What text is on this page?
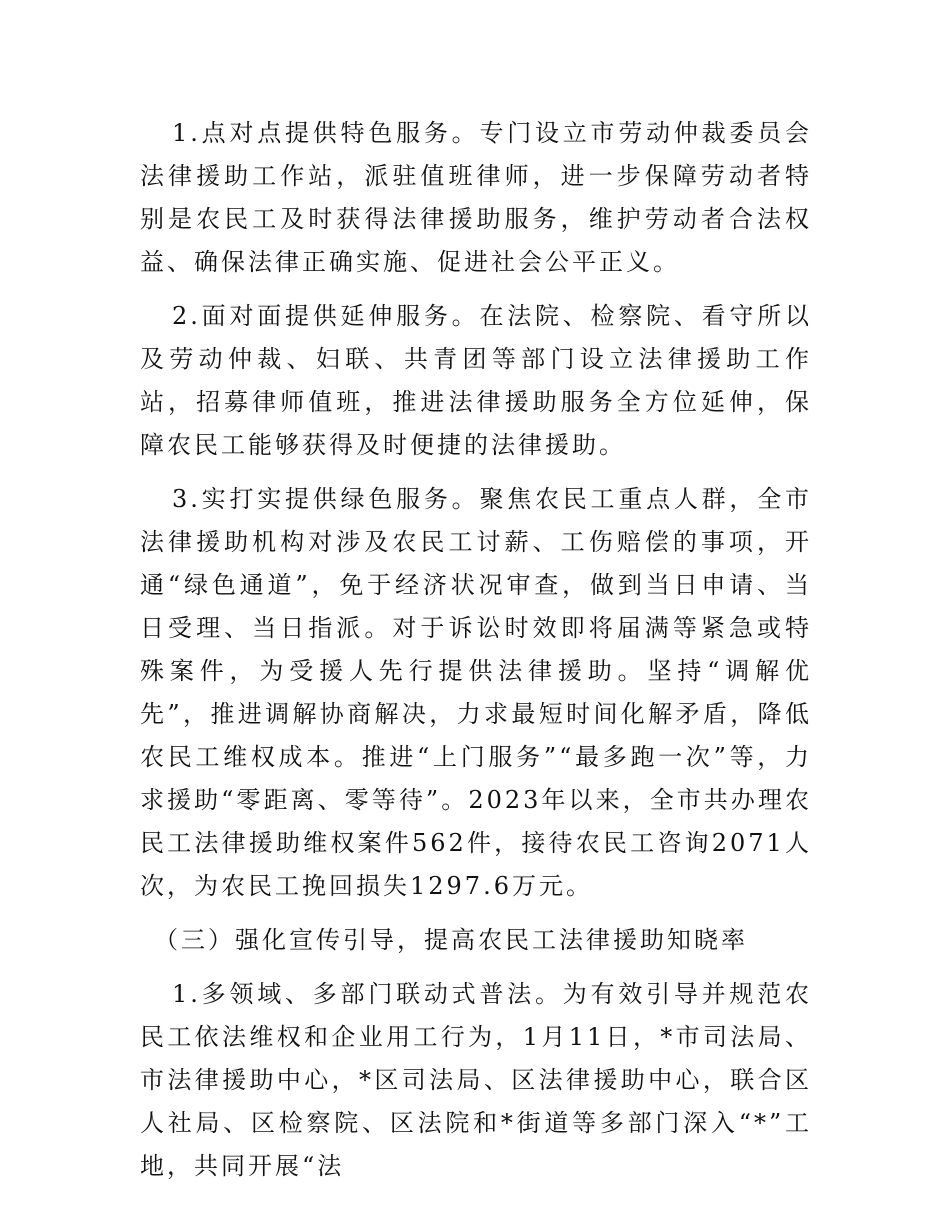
1.点对点提供特色服务。专门设立市劳动仲裁委员会法律援助工作站，派驻值班律师，进一步保障劳动者特别是农民工及时获得法律援助服务，维护劳动者合法权益、确保法律正确实施、促进社会公平正义。

2.面对面提供延伸服务。在法院、检察院、看守所以及劳动仲裁、妇联、共青团等部门设立法律援助工作站，招募律师值班，推进法律援助服务全方位延伸，保障农民工能够获得及时便捷的法律援助。

3.实打实提供绿色服务。聚焦农民工重点人群，全市法律援助机构对涉及农民工讨薪、工伤赔偿的事项，开通“绿色通道”，免于经济状况审查，做到当日申请、当日受理、当日指派。对于诉讼时效即将届满等紧急或特殊案件，为受援人先行提供法律援助。坚持“调解优先”，推进调解协商解决，力求最短时间化解矛盾，降低农民工维权成本。推进“上门服务”“最多跑一次”等，力求援助“零距离、零等待”。2023年以来，全市共办理农民工法律援助维权案件562件，接待农民工咨询2071人次，为农民工挽回损失1297.6万元。

（三）强化宣传引导，提高农民工法律援助知晓率

1.多领域、多部门联动式普法。为有效引导并规范农民工依法维权和企业用工行为，1月11日，*市司法局、市法律援助中心，*区司法局、区法律援助中心，联合区人社局、区检察院、区法院和*街道等多部门深入“*”工地，共同开展“法
